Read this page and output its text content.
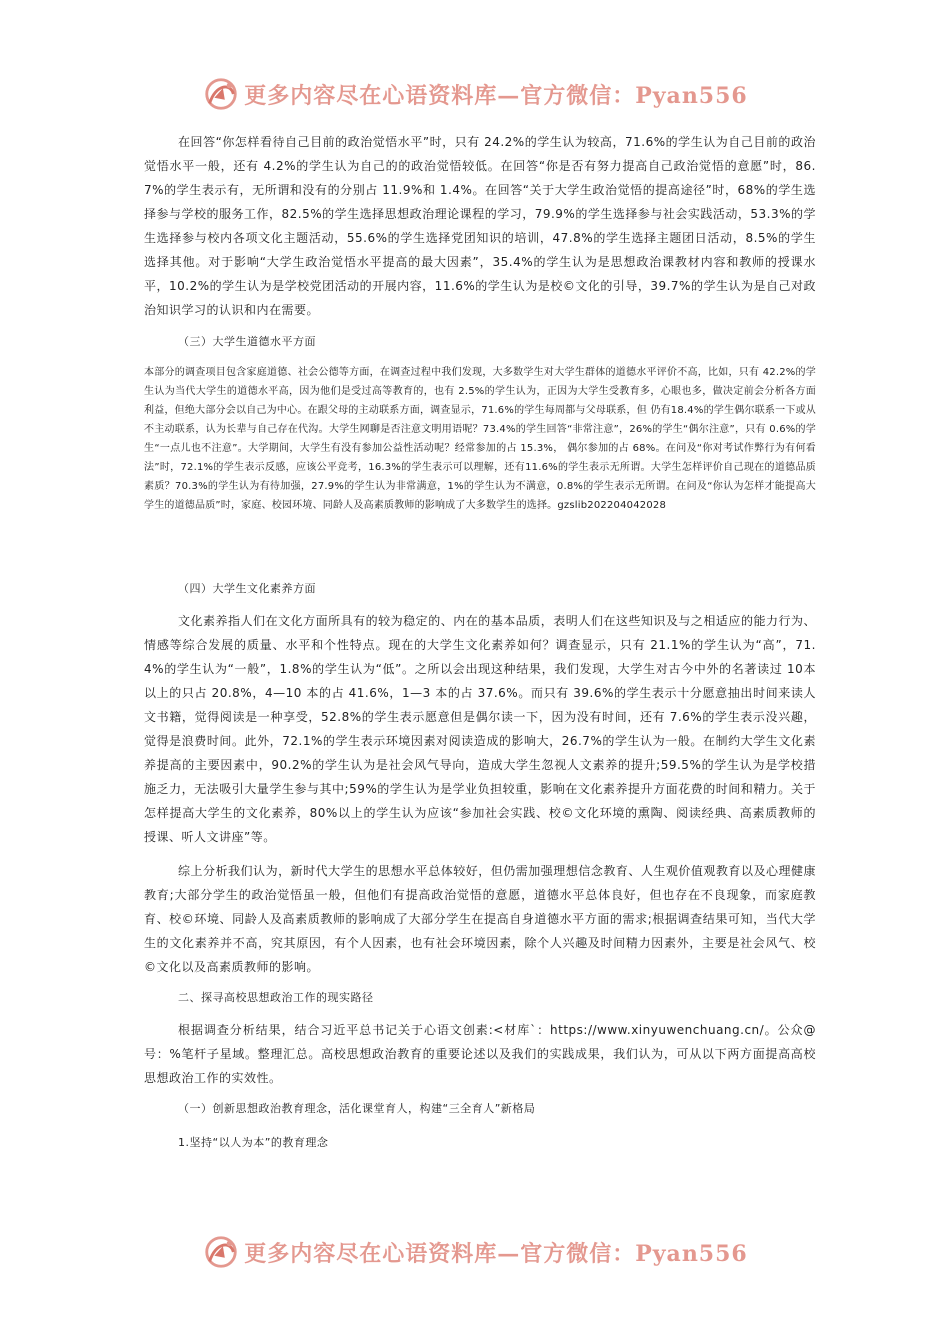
更多内容尽在心语资料库—官方微信：Pyan556

在回答“你怎样看待自己目前的政治觉悟水平”时，只有 24.2%的学生认为较高，71.6%的学生认为自己目前的政治觉悟水平一般，还有 4.2%的学生认为自己的的政治觉悟较低。在回答“你是否有努力提高自己政治觉悟的意愿”时，86.7%的学生表示有，无所谓和没有的分别占 11.9%和 1.4%。在回答“关于大学生政治觉悟的提高途径”时，68%的学生选择参与学校的服务工作，82.5%的学生选择思想政治理论课程的学习，79.9%的学生选择参与社会实践活动，53.3%的学生选择参与校内各项文化主题活动，55.6%的学生选择党团知识的培训，47.8%的学生选择主题团日活动，8.5%的学生选择其他。对于影响“大学生政治觉悟水平提高的最大因素”，35.4%的学生认为是思想政治课教材内容和教师的授课水平，10.2%的学生认为是学校党团活动的开展内容，11.6%的学生认为是校©文化的引导，39.7%的学生认为是自己对政治知识学习的认识和内在需要。

（三）大学生道德水平方面

本部分的调查项目包含家庭道德、社会公德等方面，在调查过程中我们发现，大多数学生对大学生群体的道德水平评价不高，比如，只有 42.2%的学生认为当代大学生的道德水平高，因为他们是受过高等教育的，也有 2.5%的学生认为，正因为大学生受教育多，心眼也多，做决定前会分析各方面利益，但绝大部分会以自己为中心。在跟父母的主动联系方面，调查显示，71.6%的学生每周都与父母联系，但 仍有18.4%的学生偶尔联系一下或从不主动联系，认为长辈与自己存在代沟。大学生网聊是否注意文明用语呢？73.4%的学生回答“非常注意”，26%的学生“偶尔注意”，只有 0.6%的学生“一点儿也不注意”。大学期间，大学生有没有参加公益性活动呢？经常参加的占 15.3%， 偶尔参加的占 68%。在问及“你对考试作弊行为有何看法”时，72.1%的学生表示反感，应该公平竞考，16.3%的学生表示可以理解，还有11.6%的学生表示无所谓。大学生怎样评价自己现在的道德品质素质？70.3%的学生认为有待加强，27.9%的学生认为非常满意，1%的学生认为不满意，0.8%的学生表示无所谓。在问及“你认为怎样才能提高大学生的道德品质”时，家庭、校园环境、同龄人及高素质教师的影响成了大多数学生的选择。gzslib202204042028

（四）大学生文化素养方面

文化素养指人们在文化方面所具有的较为稳定的、内在的基本品质，表明人们在这些知识及与之相适应的能力行为、情感等综合发展的质量、水平和个性特点。现在的大学生文化素养如何？调查显示，只有 21.1%的学生认为“高”，71.4%的学生认为“一般”，1.8%的学生认为“低”。之所以会出现这种结果，我们发现，大学生对古今中外的名著读过 10本以上的只占 20.8%，4—10 本的占 41.6%，1—3 本的占 37.6%。而只有 39.6%的学生表示十分愿意抽出时间来读人文书籍，觉得阅读是一种享受，52.8%的学生表示愿意但是偶尔读一下，因为没有时间，还有 7.6%的学生表示没兴趣，觉得是浪费时间。此外，72.1%的学生表示环境因素对阅读造成的影响大，26.7%的学生认为一般。在制约大学生文化素养提高的主要因素中，90.2%的学生认为是社会风气导向，造成大学生忽视人文素养的提升;59.5%的学生认为是学校措施乏力，无法吸引大量学生参与其中;59%的学生认为是学业负担较重，影响在文化素养提升方面花费的时间和精力。关于怎样提高大学生的文化素养，80%以上的学生认为应该“参加社会实践、校©文化环境的熏陶、阅读经典、高素质教师的授课、听人文讲座”等。

综上分析我们认为，新时代大学生的思想水平总体较好，但仍需加强理想信念教育、人生观价值观教育以及心理健康教育;大部分学生的政治觉悟虽一般，但他们有提高政治觉悟的意愿，道德水平总体良好，但也存在不良现象，而家庭教育、校©环境、同龄人及高素质教师的影响成了大部分学生在提高自身道德水平方面的需求;根据调查结果可知，当代大学生的文化素养并不高，究其原因，有个人因素，也有社会环境因素，除个人兴趣及时间精力因素外，主要是社会风气、校©文化以及高素质教师的影响。

二、探寻高校思想政治工作的现实路径

根据调查分析结果，结合习近平总书记关于心语文创素:<材库`：https://www.xinyuwenchuang.cn/。公众@号：%笔杆子星域。整理汇总。高校思想政治教育的重要论述以及我们的实践成果，我们认为，可从以下两方面提高高校思想政治工作的实效性。

（一）创新思想政治教育理念，活化课堂育人，构建“三全育人”新格局

1.坚持“以人为本”的教育理念

更多内容尽在心语资料库—官方微信：Pyan556
